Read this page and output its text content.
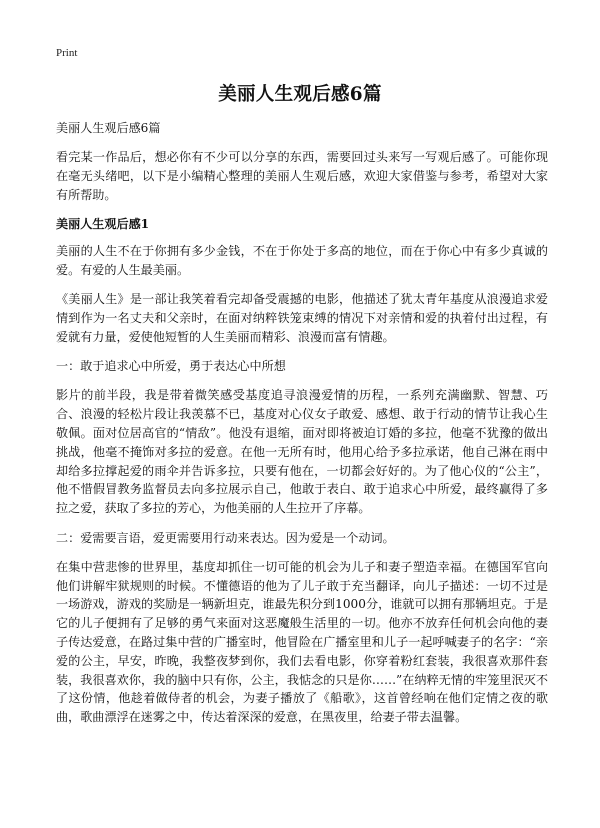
Print
美丽人生观后感6篇

美丽人生观后感6篇

看完某一作品后，想必你有不少可以分享的东西，需要回过头来写一写观后感了。可能你现在毫无头绪吧，以下是小编精心整理的美丽人生观后感，欢迎大家借鉴与参考，希望对大家有所帮助。

美丽人生观后感1

美丽的人生不在于你拥有多少金钱，不在于你处于多高的地位，而在于你心中有多少真诚的爱。有爱的人生最美丽。

《美丽人生》是一部让我笑着看完却备受震撼的电影，他描述了犹太青年基度从浪漫追求爱情到作为一名丈夫和父亲时，在面对纳粹铁笼束缚的情况下对亲情和爱的执着付出过程，有爱就有力量，爱使他短暂的人生美丽而精彩、浪漫而富有情趣。

一：敢于追求心中所爱，勇于表达心中所想

影片的前半段，我是带着微笑感受基度追寻浪漫爱情的历程，一系列充满幽默、智慧、巧合、浪漫的轻松片段让我羡慕不已，基度对心仪女子敢爱、感想、敢于行动的情节让我心生敬佩。面对位居高官的“情敌”。他没有退缩，面对即将被迫订婚的多拉，他毫不犹豫的做出挑战，他毫不掩饰对多拉的爱意。在他一无所有时，他用心给予多拉承诺，他自己淋在雨中却给多拉撑起爱的雨伞并告诉多拉，只要有他在，一切都会好好的。为了他心仪的“公主”，他不惜假冒教务监督员去向多拉展示自己，他敢于表白、敢于追求心中所爱，最终赢得了多拉之爱，获取了多拉的芳心，为他美丽的人生拉开了序幕。

二：爱需要言语，爱更需要用行动来表达。因为爱是一个动词。

在集中营悲惨的世界里，基度却抓住一切可能的机会为儿子和妻子塑造幸福。在德国军官向他们讲解牢狱规则的时候。不懂德语的他为了儿子敢于充当翻译，向儿子描述：一切不过是一场游戏，游戏的奖励是一辆新坦克，谁最先积分到1000分，谁就可以拥有那辆坦克。于是它的儿子便拥有了足够的勇气来面对这恶魔般生活里的一切。他亦不放弃任何机会向他的妻子传达爱意，在路过集中营的广播室时，他冒险在广播室里和儿子一起呼喊妻子的名字：“亲爱的公主，早安，昨晚，我整夜梦到你，我们去看电影，你穿着粉红套装，我很喜欢那件套装，我很喜欢你，我的脑中只有你，公主，我惦念的只是你……”在纳粹无情的牢笼里泯灭不了这份情，他趁着做侍者的机会，为妻子播放了《船歌》，这首曾经响在他们定情之夜的歌曲，歌曲漂浮在迷雾之中，传达着深深的爱意，在黑夜里，给妻子带去温馨。
